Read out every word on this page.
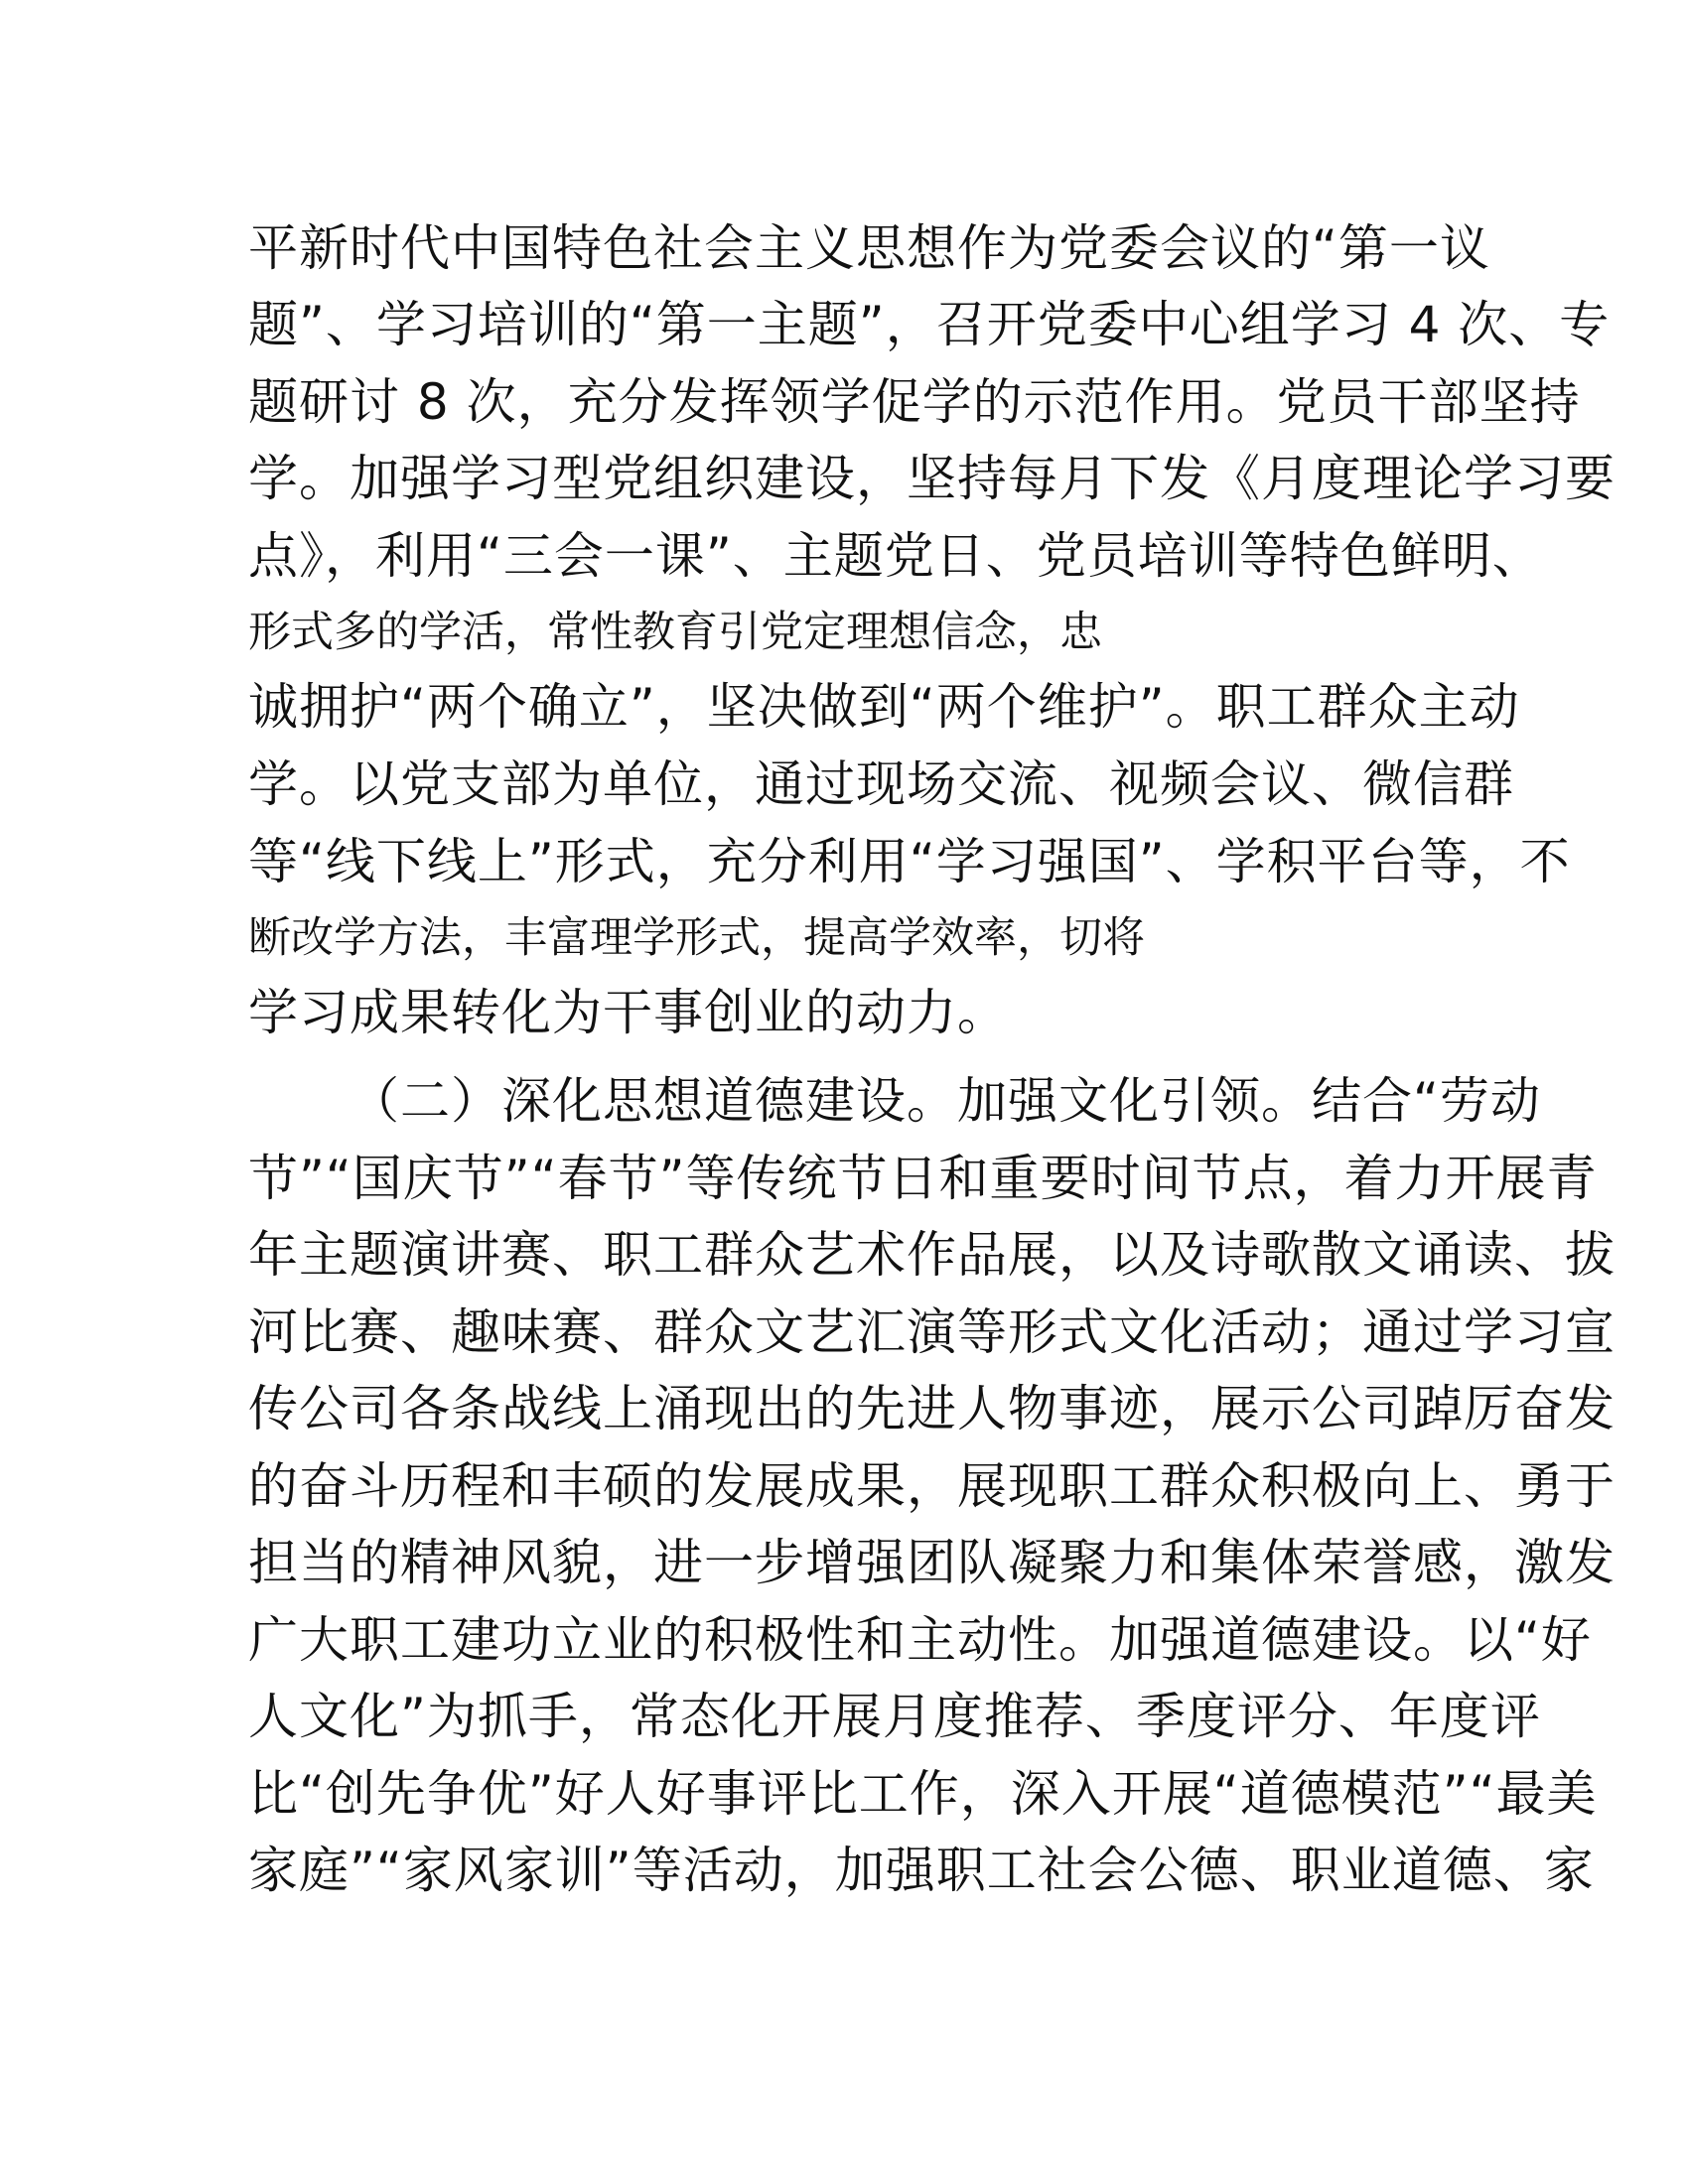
平新时代中国特色社会主义思想作为党委会议的“第一议
题”、学习培训的“第一主题”，召开党委中心组学习 4 次、专
题研讨 8 次，充分发挥领学促学的示范作用。党员干部坚持
学。加强学习型党组织建设，坚持每月下发《月度理论学习要
点》，利用“三会一课”、主题党日、党员培训等特色鲜明、
形式多的学活，常性教育引党定理想信念，忠
诚拥护“两个确立”，坚决做到“两个维护”。职工群众主动
学。以党支部为单位，通过现场交流、视频会议、微信群
等“线下线上”形式，充分利用“学习强国”、学积平台等，不
断改学方法，丰富理学形式，提高学效率，切将
学习成果转化为干事创业的动力。
（二）深化思想道德建设。加强文化引领。结合“劳动
节”“国庆节”“春节”等传统节日和重要时间节点，着力开展青
年主题演讲赛、职工群众艺术作品展，以及诗歌散文诵读、拔
河比赛、趣味赛、群众文艺汇演等形式文化活动；通过学习宣
传公司各条战线上涌现出的先进人物事迹，展示公司踔厉奋发
的奋斗历程和丰硕的发展成果，展现职工群众积极向上、勇于
担当的精神风貌，进一步增强团队凝聚力和集体荣誉感，激发
广大职工建功立业的积极性和主动性。加强道德建设。以“好
人文化”为抓手，常态化开展月度推荐、季度评分、年度评
比“创先争优”好人好事评比工作，深入开展“道德模范”“最美
家庭”“家风家训”等活动，加强职工社会公德、职业道德、家
